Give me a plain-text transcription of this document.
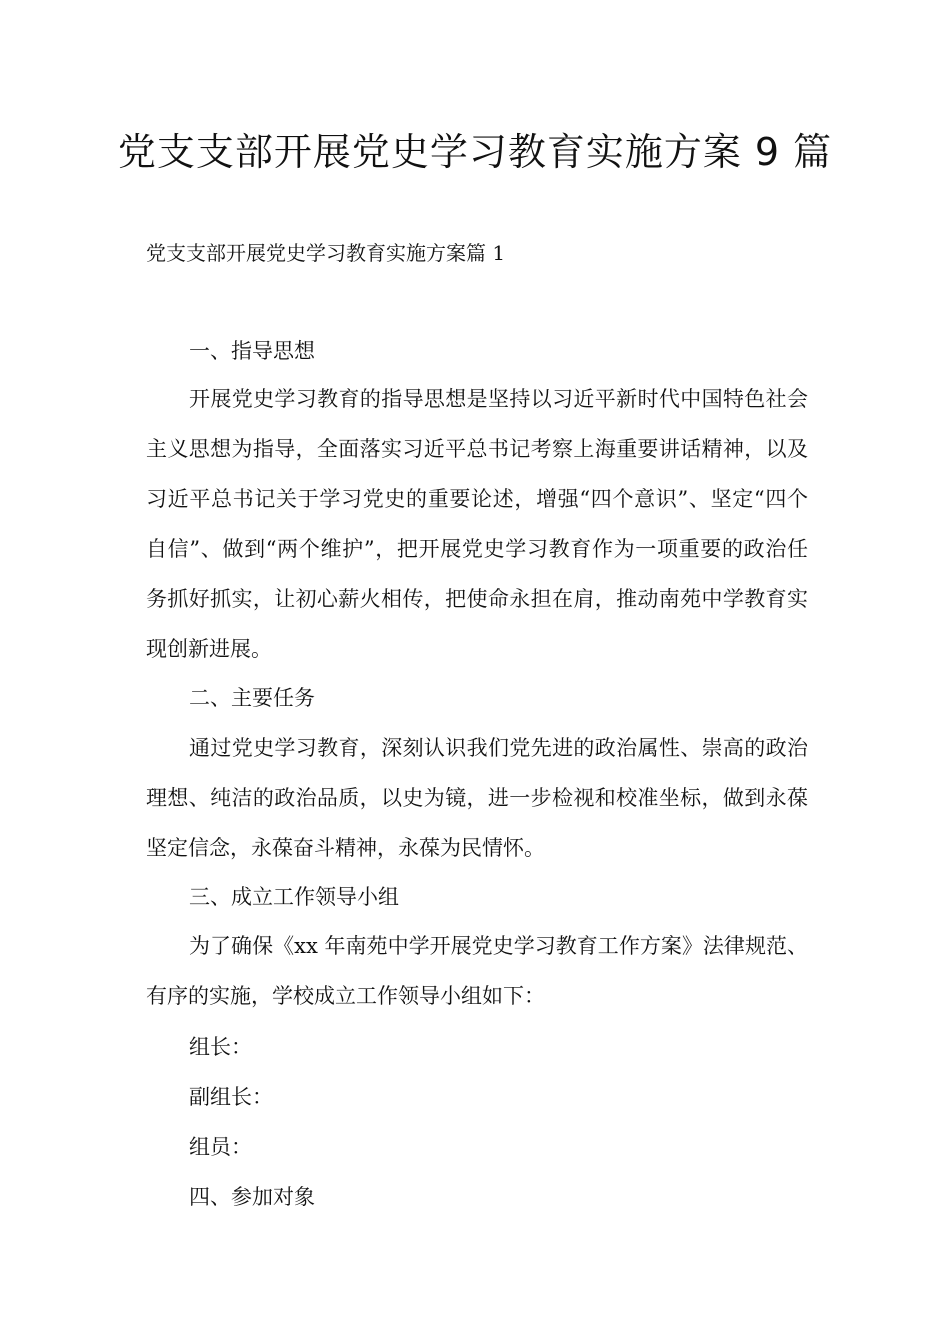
党支支部开展党史学习教育实施方案 9 篇

党支支部开展党史学习教育实施方案篇 1

一、指导思想

开展党史学习教育的指导思想是坚持以习近平新时代中国特色社会主义思想为指导，全面落实习近平总书记考察上海重要讲话精神，以及习近平总书记关于学习党史的重要论述，增强“四个意识”、坚定“四个自信”、做到“两个维护”，把开展党史学习教育作为一项重要的政治任务抓好抓实，让初心薪火相传，把使命永担在肩，推动南苑中学教育实现创新进展。

二、主要任务

通过党史学习教育，深刻认识我们党先进的政治属性、崇高的政治理想、纯洁的政治品质，以史为镜，进一步检视和校准坐标，做到永葆坚定信念，永葆奋斗精神，永葆为民情怀。

三、成立工作领导小组

为了确保《xx 年南苑中学开展党史学习教育工作方案》法律规范、有序的实施，学校成立工作领导小组如下：

组长：

副组长：

组员：

四、参加对象
